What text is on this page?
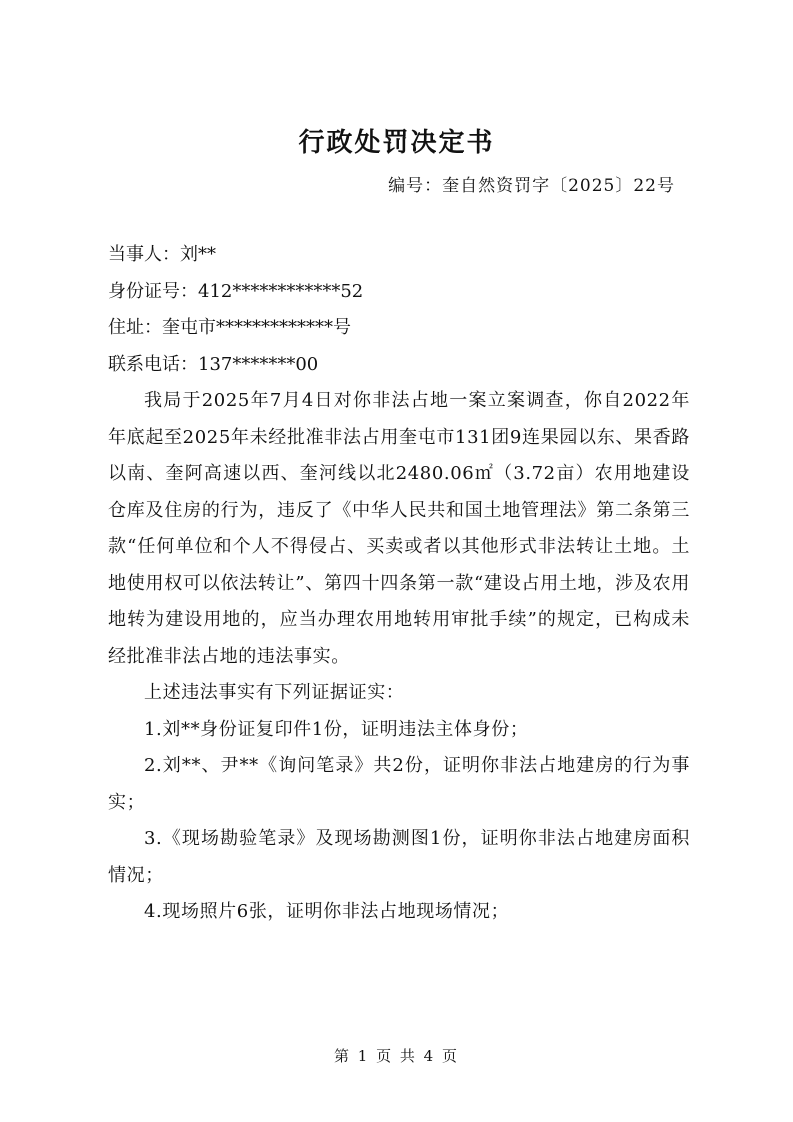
行政处罚决定书
编号：奎自然资罚字〔2025〕22号

当事人：刘**

身份证号：412************52

住址：奎屯市*************号

联系电话：137*******00

我局于2025年7月4日对你非法占地一案立案调查，你自2022年年底起至2025年未经批准非法占用奎屯市131团9连果园以东、果香路以南、奎阿高速以西、奎河线以北2480.06㎡（3.72亩）农用地建设仓库及住房的行为，违反了《中华人民共和国土地管理法》第二条第三款“任何单位和个人不得侵占、买卖或者以其他形式非法转让土地。土地使用权可以依法转让”、第四十四条第一款“建设占用土地，涉及农用地转为建设用地的，应当办理农用地转用审批手续”的规定，已构成未经批准非法占地的违法事实。

上述违法事实有下列证据证实：

1.刘**身份证复印件1份，证明违法主体身份；

2.刘**、尹**《询问笔录》共2份，证明你非法占地建房的行为事实；

3.《现场勘验笔录》及现场勘测图1份，证明你非法占地建房面积情况；

4.现场照片6张，证明你非法占地现场情况；

第 1 页 共 4 页
